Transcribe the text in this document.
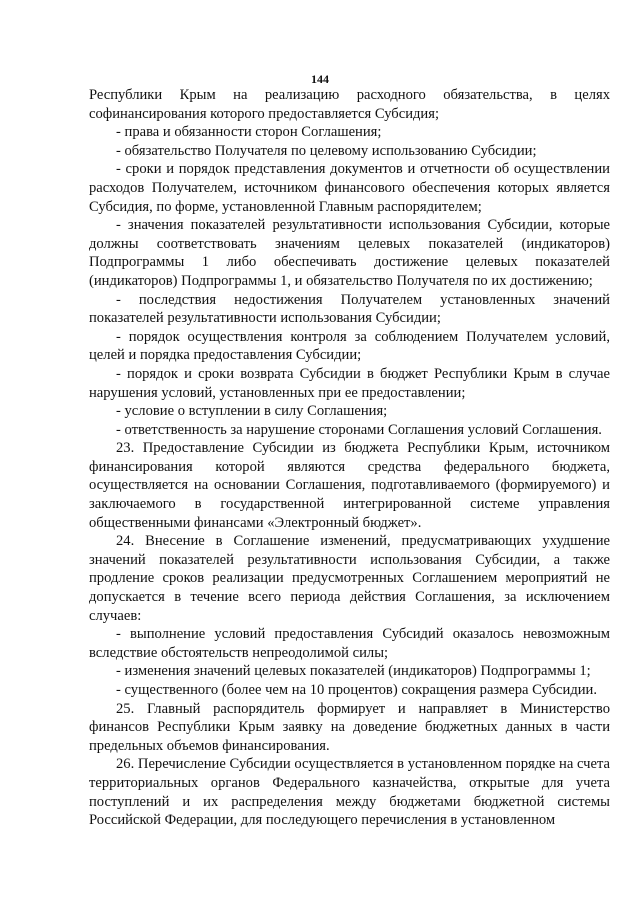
144

Республики Крым на реализацию расходного обязательства, в целях софинансирования которого предоставляется Субсидия;

- права и обязанности сторон Соглашения;

- обязательство Получателя по целевому использованию Субсидии;

- сроки и порядок представления документов и отчетности об осуществлении расходов Получателем, источником финансового обеспечения которых является Субсидия, по форме, установленной Главным распорядителем;

- значения показателей результативности использования Субсидии, которые должны соответствовать значениям целевых показателей (индикаторов) Подпрограммы 1 либо обеспечивать достижение целевых показателей (индикаторов) Подпрограммы 1, и обязательство Получателя по их достижению;

- последствия недостижения Получателем установленных значений показателей результативности использования Субсидии;

- порядок осуществления контроля за соблюдением Получателем условий, целей и порядка предоставления Субсидии;

- порядок и сроки возврата Субсидии в бюджет Республики Крым в случае нарушения условий, установленных при ее предоставлении;

- условие о вступлении в силу Соглашения;

- ответственность за нарушение сторонами Соглашения условий Соглашения.

23. Предоставление Субсидии из бюджета Республики Крым, источником финансирования которой являются средства федерального бюджета, осуществляется на основании Соглашения, подготавливаемого (формируемого) и заключаемого в государственной интегрированной системе управления общественными финансами «Электронный бюджет».

24. Внесение в Соглашение изменений, предусматривающих ухудшение значений показателей результативности использования Субсидии, а также продление сроков реализации предусмотренных Соглашением мероприятий не допускается в течение всего периода действия Соглашения, за исключением случаев:

- выполнение условий предоставления Субсидий оказалось невозможным вследствие обстоятельств непреодолимой силы;

- изменения значений целевых показателей (индикаторов) Подпрограммы 1;

- существенного (более чем на 10 процентов) сокращения размера Субсидии.

25. Главный распорядитель формирует и направляет в Министерство финансов Республики Крым заявку на доведение бюджетных данных в части предельных объемов финансирования.

26. Перечисление Субсидии осуществляется в установленном порядке на счета территориальных органов Федерального казначейства, открытые для учета поступлений и их распределения между бюджетами бюджетной системы Российской Федерации, для последующего перечисления в установленном
